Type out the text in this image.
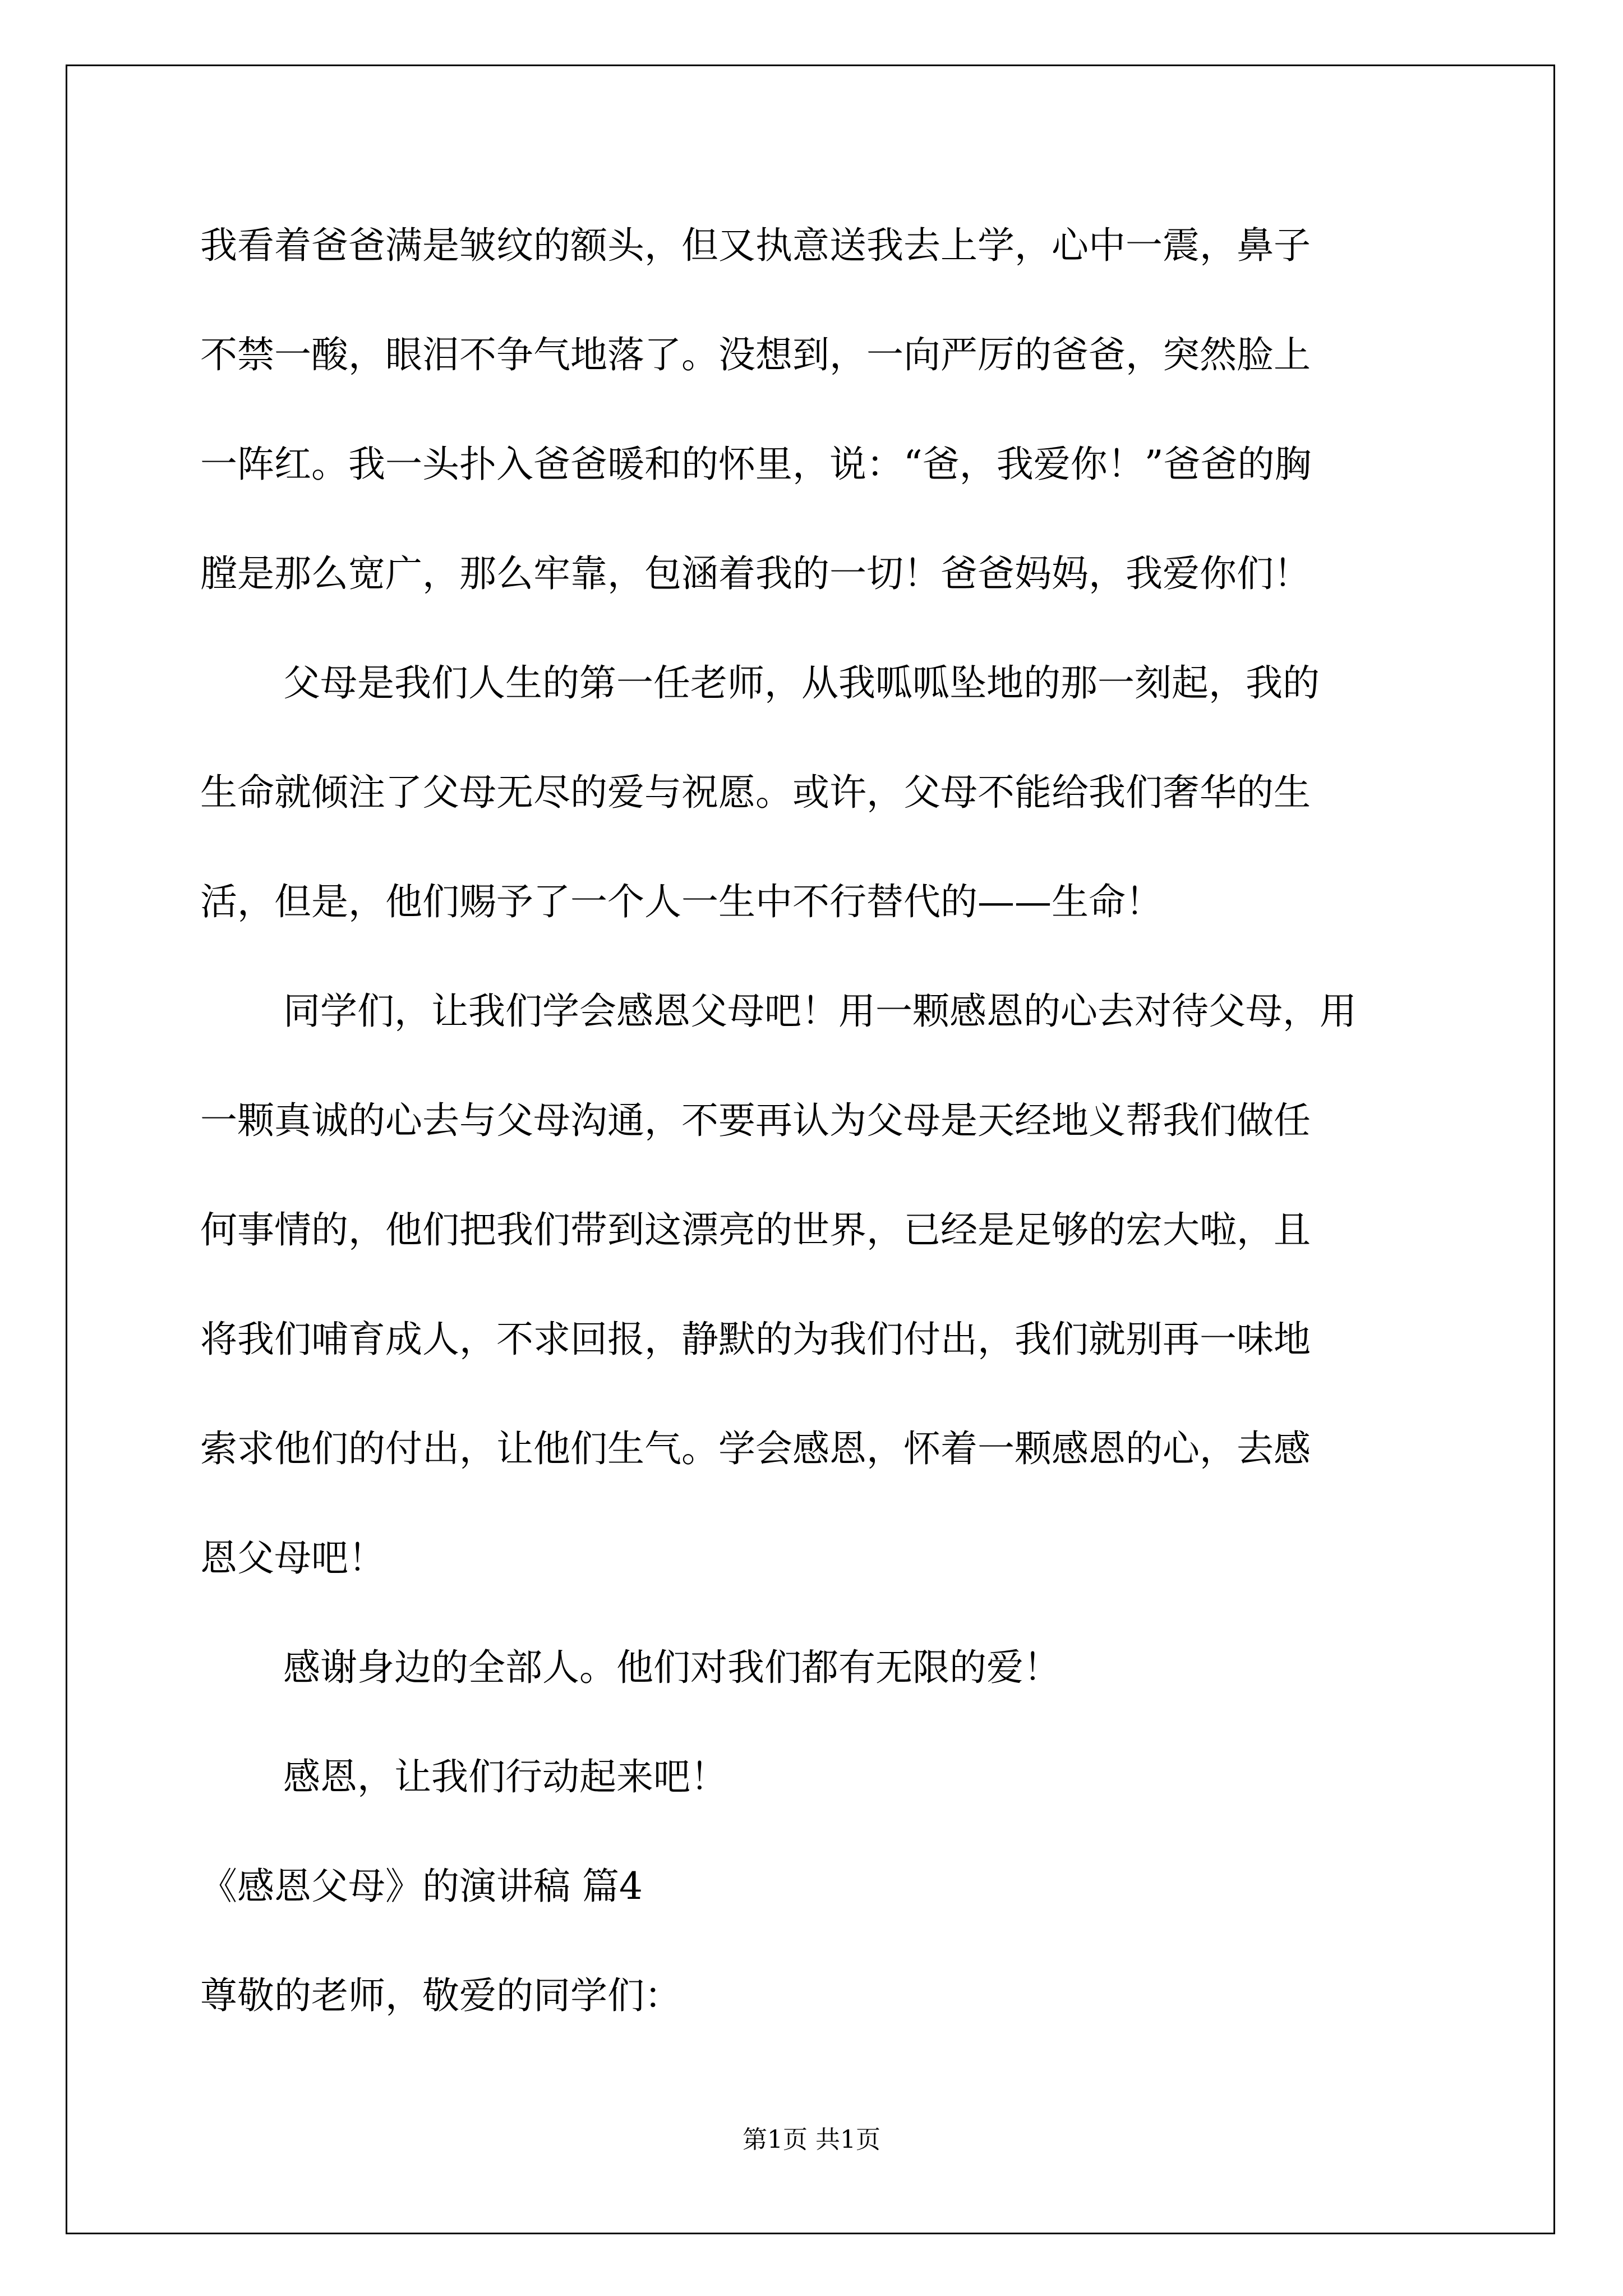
我看着爸爸满是皱纹的额头，但又执意送我去上学，心中一震，鼻子
不禁一酸，眼泪不争气地落了。没想到，一向严厉的爸爸，突然脸上
一阵红。我一头扑入爸爸暖和的怀里，说：“爸，我爱你！”爸爸的胸
膛是那么宽广，那么牢靠，包涵着我的一切！爸爸妈妈，我爱你们！
父母是我们人生的第一任老师，从我呱呱坠地的那一刻起，我的
生命就倾注了父母无尽的爱与祝愿。或许，父母不能给我们奢华的生
活，但是，他们赐予了一个人一生中不行替代的——生命！
同学们，让我们学会感恩父母吧！用一颗感恩的心去对待父母，用
一颗真诚的心去与父母沟通，不要再认为父母是天经地义帮我们做任
何事情的，他们把我们带到这漂亮的世界，已经是足够的宏大啦，且
将我们哺育成人，不求回报，静默的为我们付出，我们就别再一味地
索求他们的付出，让他们生气。学会感恩，怀着一颗感恩的心，去感
恩父母吧！
感谢身边的全部人。他们对我们都有无限的爱！
感恩，让我们行动起来吧！
《感恩父母》的演讲稿 篇4
尊敬的老师，敬爱的同学们：
第1页 共1页
